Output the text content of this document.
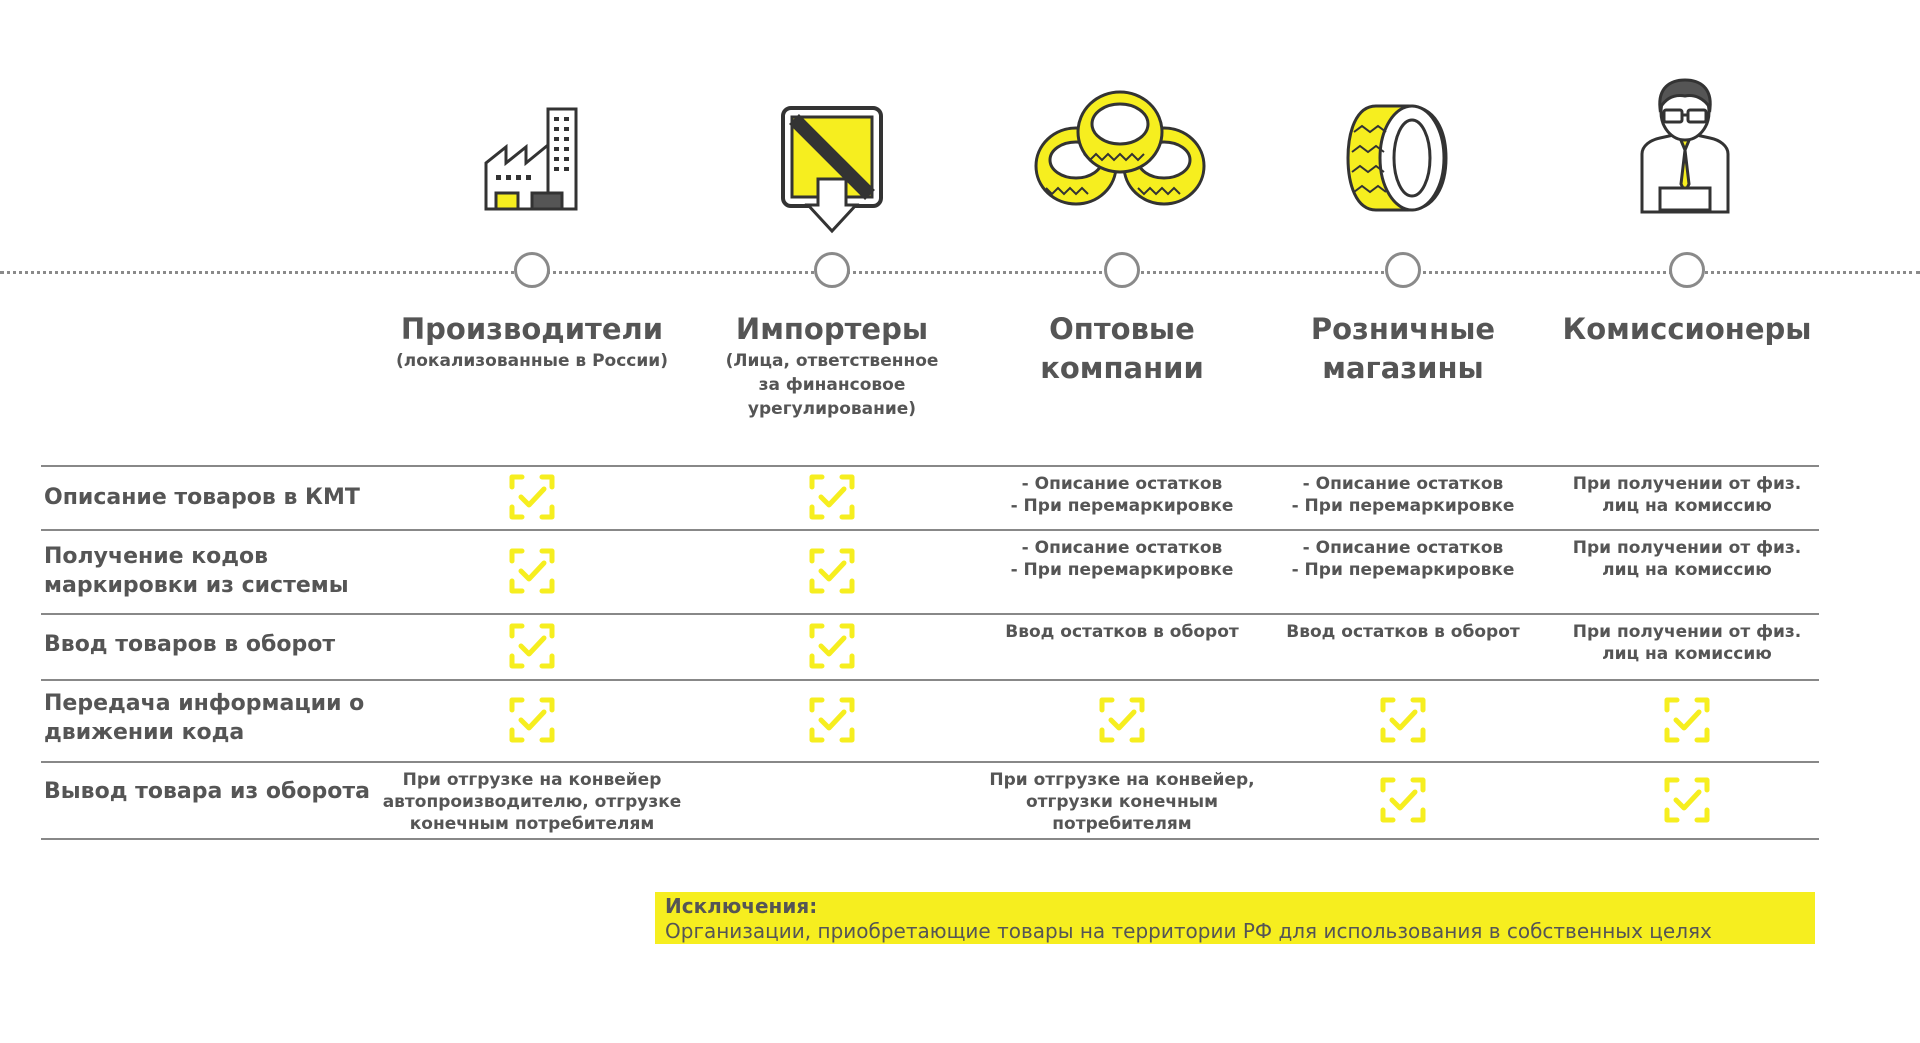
Производители
(локализованные в России)
Импортеры
(Лица, ответственное за финансовое урегулирование)
Оптовые компании
Розничные магазины
Комиссионеры
Описание товаров в КМТ
Получение кодов маркировки из системы
Ввод товаров в оборот
Передача информации о движении кода
Вывод товара из оборота
- Описание остатков
- При перемаркировке
- Описание остатков
- При перемаркировке
При получении от физ.
лиц на комиссию
- Описание остатков
- При перемаркировке
- Описание остатков
- При перемаркировке
При получении от физ.
лиц на комиссию
Ввод остатков в оборот	Ввод остатков в оборот	При получении от физ.
лиц на комиссию
При отгрузке на конвейер
автопроизводителю, отгрузке
конечным потребителям
При отгрузке на конвейер,
отгрузки конечным
потребителям
Исключения:
Организации, приобретающие товары на территории РФ для использования в собственных целях
